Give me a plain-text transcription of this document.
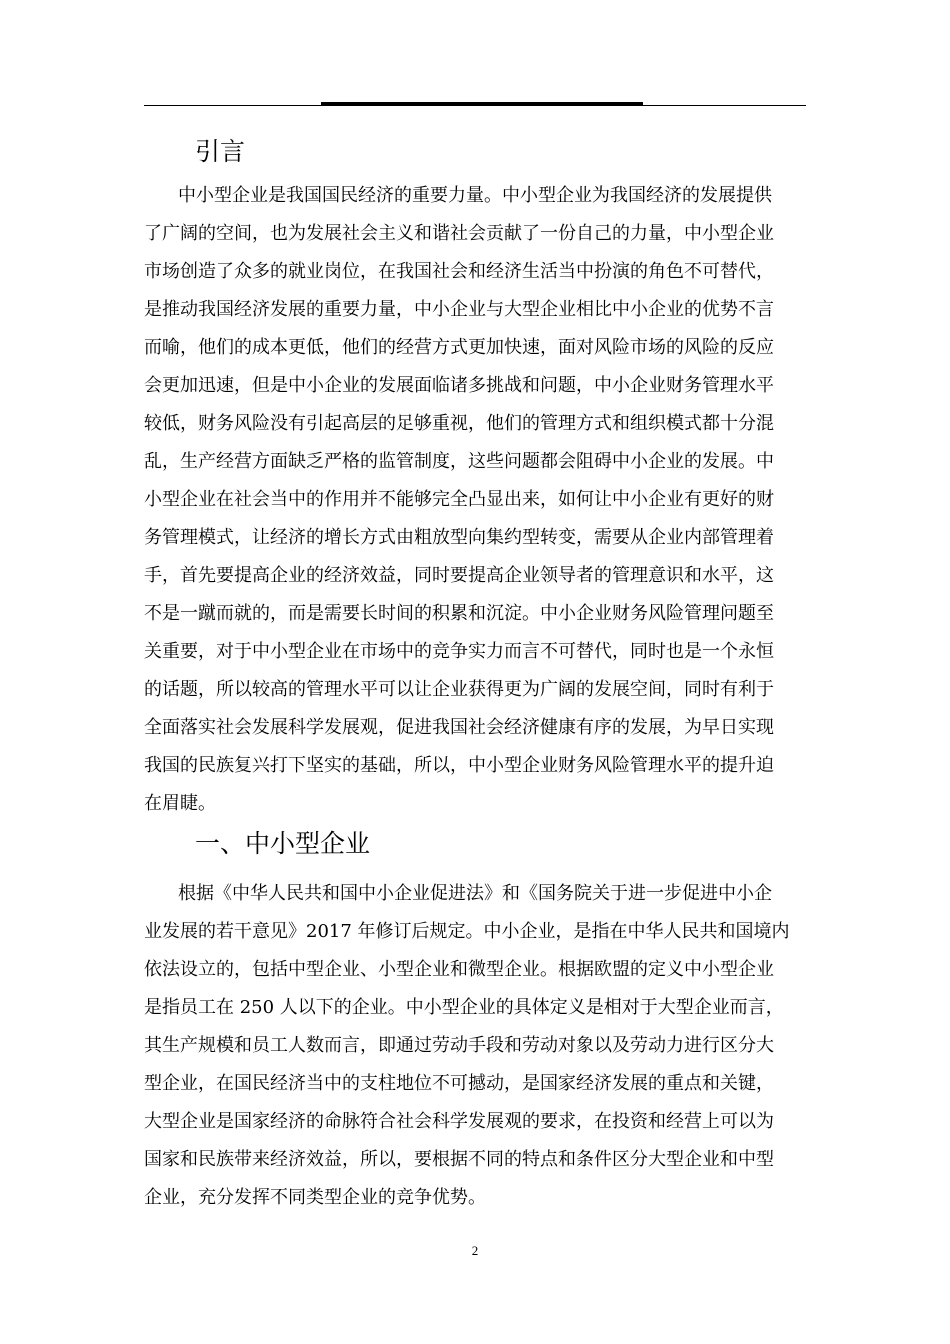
引言
中小型企业是我国国民经济的重要力量。中小型企业为我国经济的发展提供
了广阔的空间，也为发展社会主义和谐社会贡献了一份自己的力量，中小型企业
市场创造了众多的就业岗位，在我国社会和经济生活当中扮演的角色不可替代，
是推动我国经济发展的重要力量，中小企业与大型企业相比中小企业的优势不言
而喻，他们的成本更低，他们的经营方式更加快速，面对风险市场的风险的反应
会更加迅速，但是中小企业的发展面临诸多挑战和问题，中小企业财务管理水平
较低，财务风险没有引起高层的足够重视，他们的管理方式和组织模式都十分混
乱，生产经营方面缺乏严格的监管制度，这些问题都会阻碍中小企业的发展。中
小型企业在社会当中的作用并不能够完全凸显出来，如何让中小企业有更好的财
务管理模式，让经济的增长方式由粗放型向集约型转变，需要从企业内部管理着
手，首先要提高企业的经济效益，同时要提高企业领导者的管理意识和水平，这
不是一蹴而就的，而是需要长时间的积累和沉淀。中小企业财务风险管理问题至
关重要，对于中小型企业在市场中的竞争实力而言不可替代，同时也是一个永恒
的话题，所以较高的管理水平可以让企业获得更为广阔的发展空间，同时有利于
全面落实社会发展科学发展观，促进我国社会经济健康有序的发展，为早日实现
我国的民族复兴打下坚实的基础，所以，中小型企业财务风险管理水平的提升迫
在眉睫。
一、中小型企业
根据《中华人民共和国中小企业促进法》和《国务院关于进一步促进中小企
业发展的若干意见》2017 年修订后规定。中小企业，是指在中华人民共和国境内
依法设立的，包括中型企业、小型企业和微型企业。根据欧盟的定义中小型企业
是指员工在 250 人以下的企业。中小型企业的具体定义是相对于大型企业而言，
其生产规模和员工人数而言，即通过劳动手段和劳动对象以及劳动力进行区分大
型企业，在国民经济当中的支柱地位不可撼动，是国家经济发展的重点和关键，
大型企业是国家经济的命脉符合社会科学发展观的要求，在投资和经营上可以为
国家和民族带来经济效益，所以，要根据不同的特点和条件区分大型企业和中型
企业，充分发挥不同类型企业的竞争优势。
2
